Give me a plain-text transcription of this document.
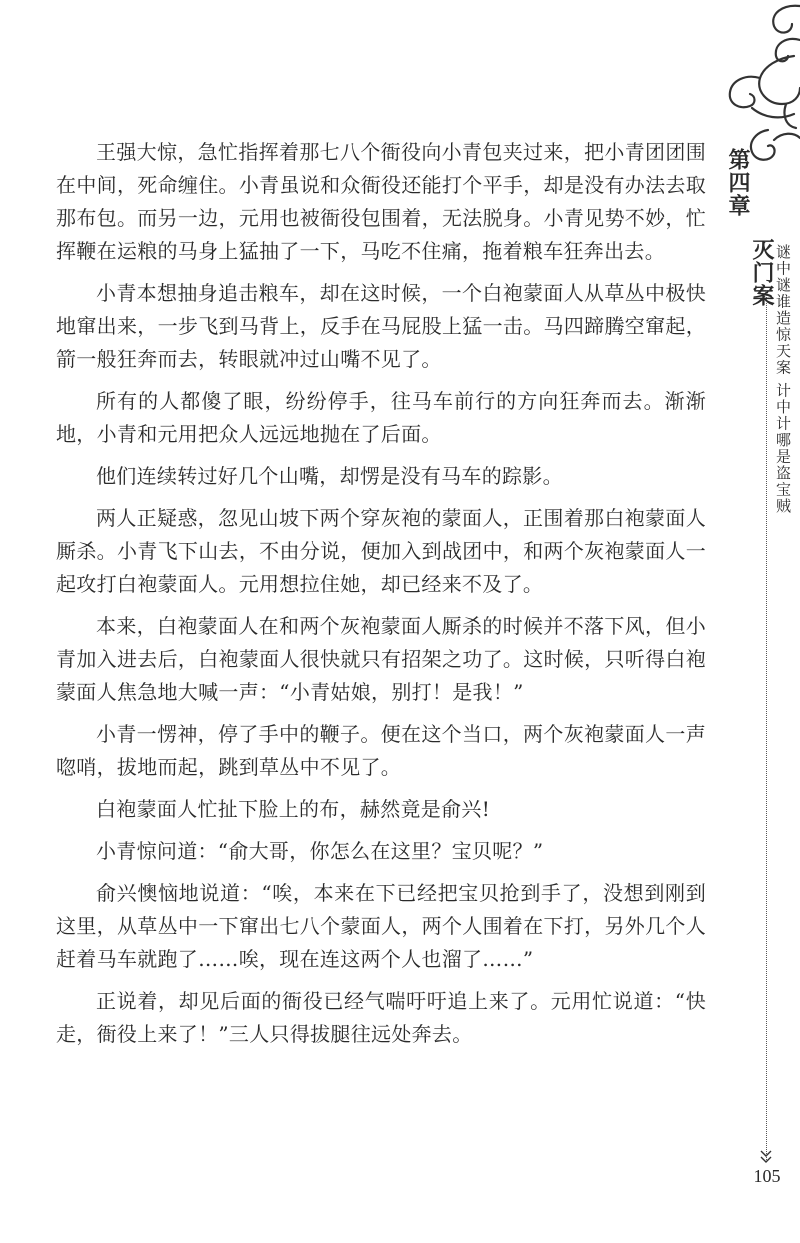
第四章
灭门案 谜中谜谁造惊天案 计中计哪是盗宝贼
105

王强大惊，急忙指挥着那七八个衙役向小青包夹过来，把小青团团围在中间，死命缠住。小青虽说和众衙役还能打个平手，却是没有办法去取那布包。而另一边，元用也被衙役包围着，无法脱身。小青见势不妙，忙挥鞭在运粮的马身上猛抽了一下，马吃不住痛，拖着粮车狂奔出去。

小青本想抽身追击粮车，却在这时候，一个白袍蒙面人从草丛中极快地窜出来，一步飞到马背上，反手在马屁股上猛一击。马四蹄腾空窜起，箭一般狂奔而去，转眼就冲过山嘴不见了。

所有的人都傻了眼，纷纷停手，往马车前行的方向狂奔而去。渐渐地，小青和元用把众人远远地抛在了后面。

他们连续转过好几个山嘴，却愣是没有马车的踪影。

两人正疑惑，忽见山坡下两个穿灰袍的蒙面人，正围着那白袍蒙面人厮杀。小青飞下山去，不由分说，便加入到战团中，和两个灰袍蒙面人一起攻打白袍蒙面人。元用想拉住她，却已经来不及了。

本来，白袍蒙面人在和两个灰袍蒙面人厮杀的时候并不落下风，但小青加入进去后，白袍蒙面人很快就只有招架之功了。这时候，只听得白袍蒙面人焦急地大喊一声：“小青姑娘，别打！是我！”

小青一愣神，停了手中的鞭子。便在这个当口，两个灰袍蒙面人一声唿哨，拔地而起，跳到草丛中不见了。

白袍蒙面人忙扯下脸上的布，赫然竟是俞兴!

小青惊问道：“俞大哥，你怎么在这里？宝贝呢？”

俞兴懊恼地说道：“唉，本来在下已经把宝贝抢到手了，没想到刚到这里，从草丛中一下窜出七八个蒙面人，两个人围着在下打，另外几个人赶着马车就跑了……唉，现在连这两个人也溜了……”

正说着，却见后面的衙役已经气喘吁吁追上来了。元用忙说道：“快走，衙役上来了！”三人只得拔腿往远处奔去。
